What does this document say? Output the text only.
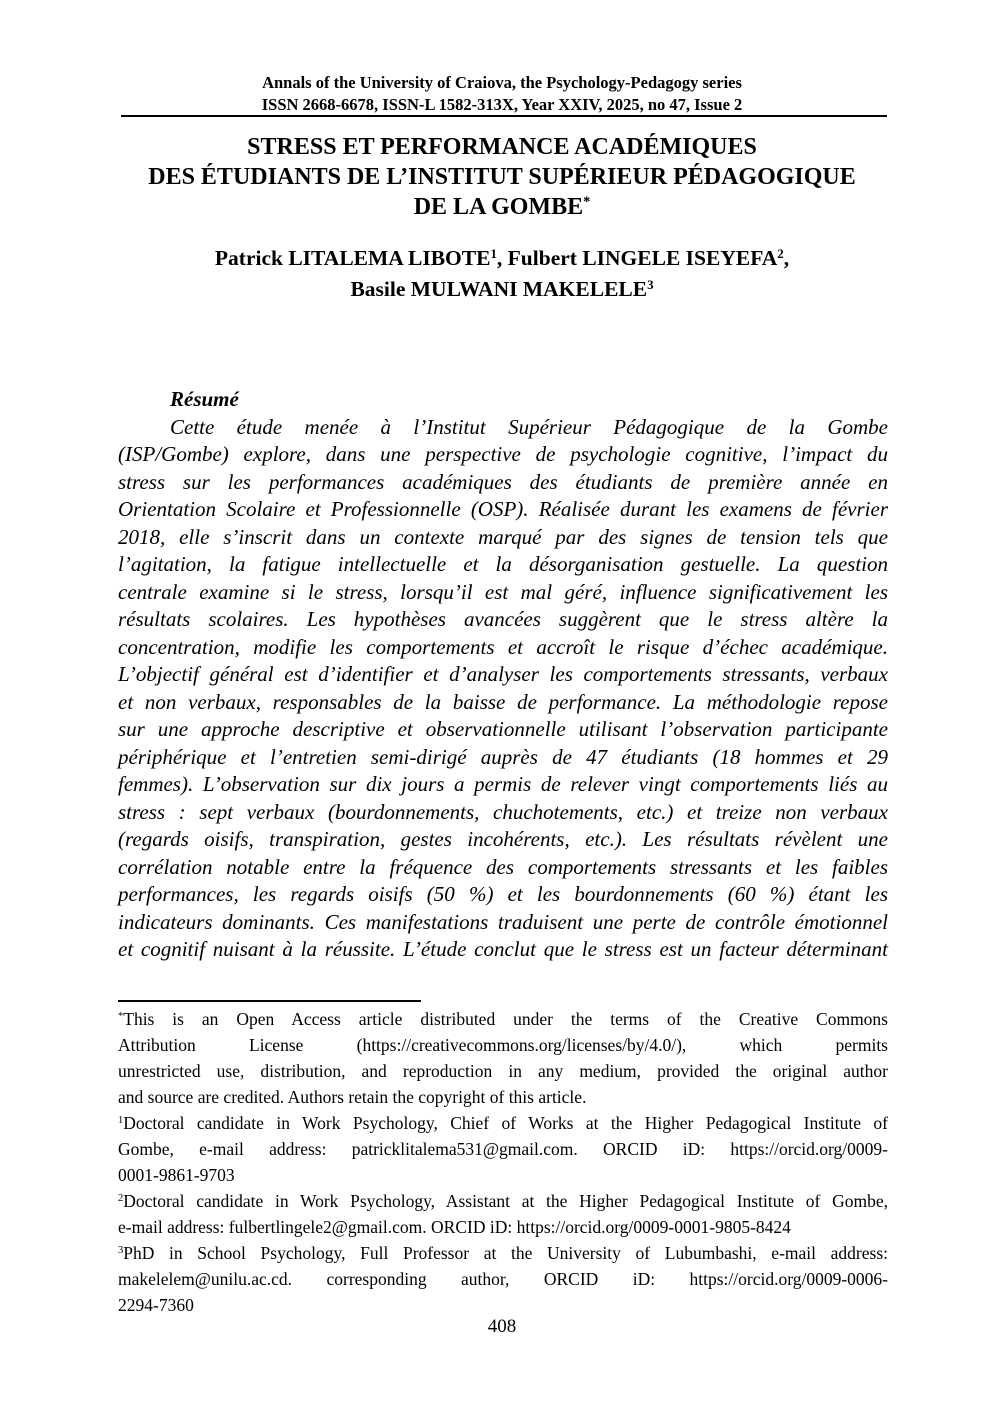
Annals of the University of Craiova, the Psychology-Pedagogy series
ISSN 2668-6678, ISSN-L 1582-313X, Year XXIV, 2025, no 47, Issue 2
STRESS ET PERFORMANCE ACADÉMIQUES
DES ÉTUDIANTS DE L’INSTITUT SUPÉRIEUR PÉDAGOGIQUE
DE LA GOMBE*
Patrick LITALEMA LIBOTE$^1$, Fulbert LINGELE ISEYEFA$^2$,
Basile MULWANI MAKELELE$^3$
Résumé
Cette étude menée à l’Institut Supérieur Pédagogique de la Gombe
(ISP/Gombe) explore, dans une perspective de psychologie cognitive, l’impact du
stress sur les performances académiques des étudiants de première année en
Orientation Scolaire et Professionnelle (OSP). Réalisée durant les examens de février
2018, elle s’inscrit dans un contexte marqué par des signes de tension tels que
l’agitation, la fatigue intellectuelle et la désorganisation gestuelle. La question
centrale examine si le stress, lorsqu’il est mal géré, influence significativement les
résultats scolaires. Les hypothèses avancées suggèrent que le stress altère la
concentration, modifie les comportements et accroît le risque d’échec académique.
L’objectif général est d’identifier et d’analyser les comportements stressants, verbaux
et non verbaux, responsables de la baisse de performance. La méthodologie repose
sur une approche descriptive et observationnelle utilisant l’observation participante
périphérique et l’entretien semi-dirigé auprès de 47 étudiants (18 hommes et 29
femmes). L’observation sur dix jours a permis de relever vingt comportements liés au
stress : sept verbaux (bourdonnements, chuchotements, etc.) et treize non verbaux
(regards oisifs, transpiration, gestes incohérents, etc.). Les résultats révèlent une
corrélation notable entre la fréquence des comportements stressants et les faibles
performances, les regards oisifs (50 %) et les bourdonnements (60 %) étant les
indicateurs dominants. Ces manifestations traduisent une perte de contrôle émotionnel
et cognitif nuisant à la réussite. L’étude conclut que le stress est un facteur déterminant
*This is an Open Access article distributed under the terms of the Creative Commons
Attribution License (https://creativecommons.org/licenses/by/4.0/), which permits
unrestricted use, distribution, and reproduction in any medium, provided the original author
and source are credited. Authors retain the copyright of this article.
$^1$Doctoral candidate in Work Psychology, Chief of Works at the Higher Pedagogical Institute of
Gombe, e-mail address: patricklitalema531@gmail.com. ORCID iD: https://orcid.org/0009-
0001-9861-9703
$^2$Doctoral candidate in Work Psychology, Assistant at the Higher Pedagogical Institute of Gombe,
e-mail address: fulbertlingele2@gmail.com. ORCID iD: https://orcid.org/0009-0001-9805-8424
$^3$PhD in School Psychology, Full Professor at the University of Lubumbashi, e-mail address:
makelelem@unilu.ac.cd. corresponding author, ORCID iD: https://orcid.org/0009-0006-
2294-7360
408
